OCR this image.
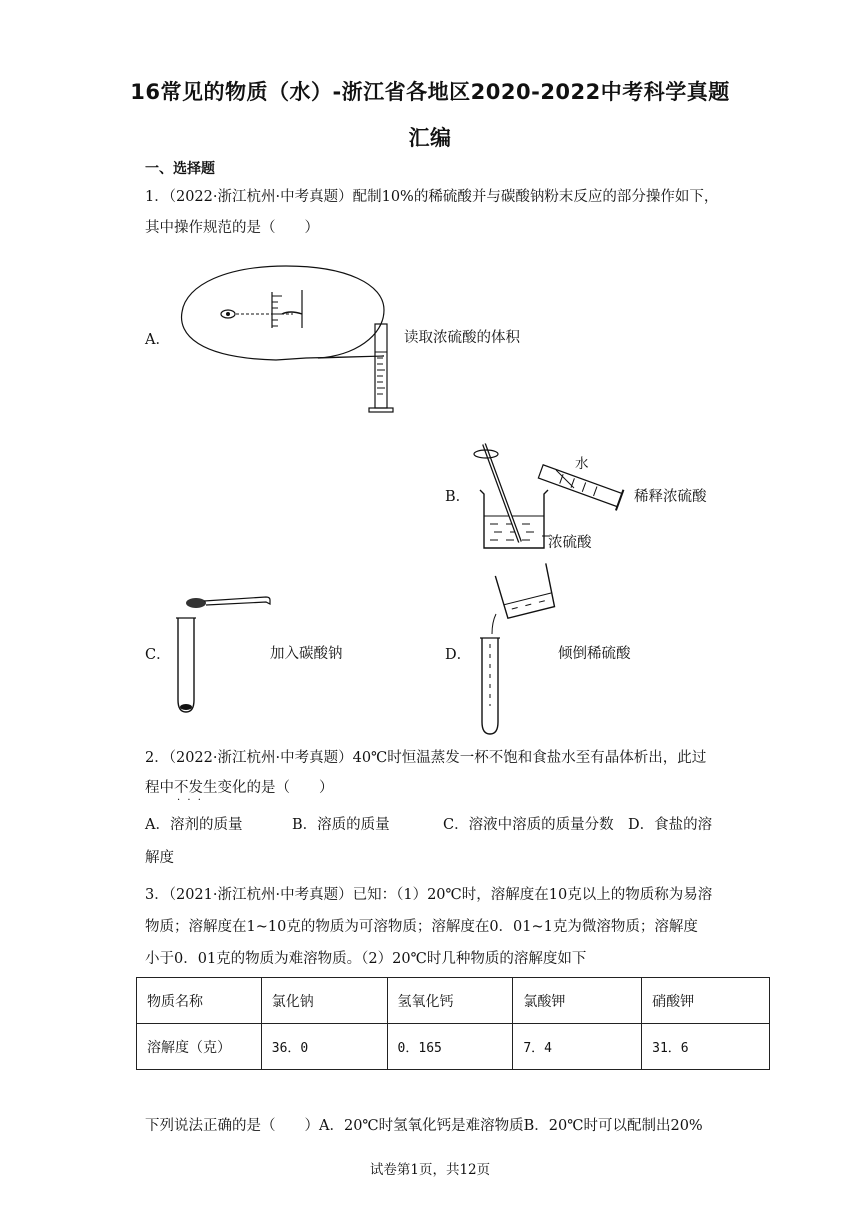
16常见的物质（水）-浙江省各地区2020-2022中考科学真题
汇编
一、选择题
1．（2022·浙江杭州·中考真题）配制10%的稀硫酸并与碳酸钠粉末反应的部分操作如下，
其中操作规范的是（　　）
A．	读取浓硫酸的体积
B．
水
稀释浓硫酸
浓硫酸
C．	加入碳酸钠	D．	倾倒稀硫酸
2．（2022·浙江杭州·中考真题）40℃时恒温蒸发一杯不饱和食盐水至有晶体析出，此过
程中不发生变化的是（　　）
· · ·
A．溶剂的质量	B．溶质的质量	C．溶液中溶质的质量分数 D．食盐的溶
解度
3．（2021·浙江杭州·中考真题）已知：（1）20℃时，溶解度在10克以上的物质称为易溶
物质；溶解度在1~10克的物质为可溶物质；溶解度在0．01~1克为微溶物质；溶解度
小于0．01克的物质为难溶物质。（2）20℃时几种物质的溶解度如下
物质名称	氯化钠	氢氧化钙	氯酸钾	硝酸钾
溶解度（克）	36．0	0．165	7．4	31．6
下列说法正确的是（　　）A．20℃时氢氧化钙是难溶物质B．20℃时可以配制出20%
试卷第1页，共12页
